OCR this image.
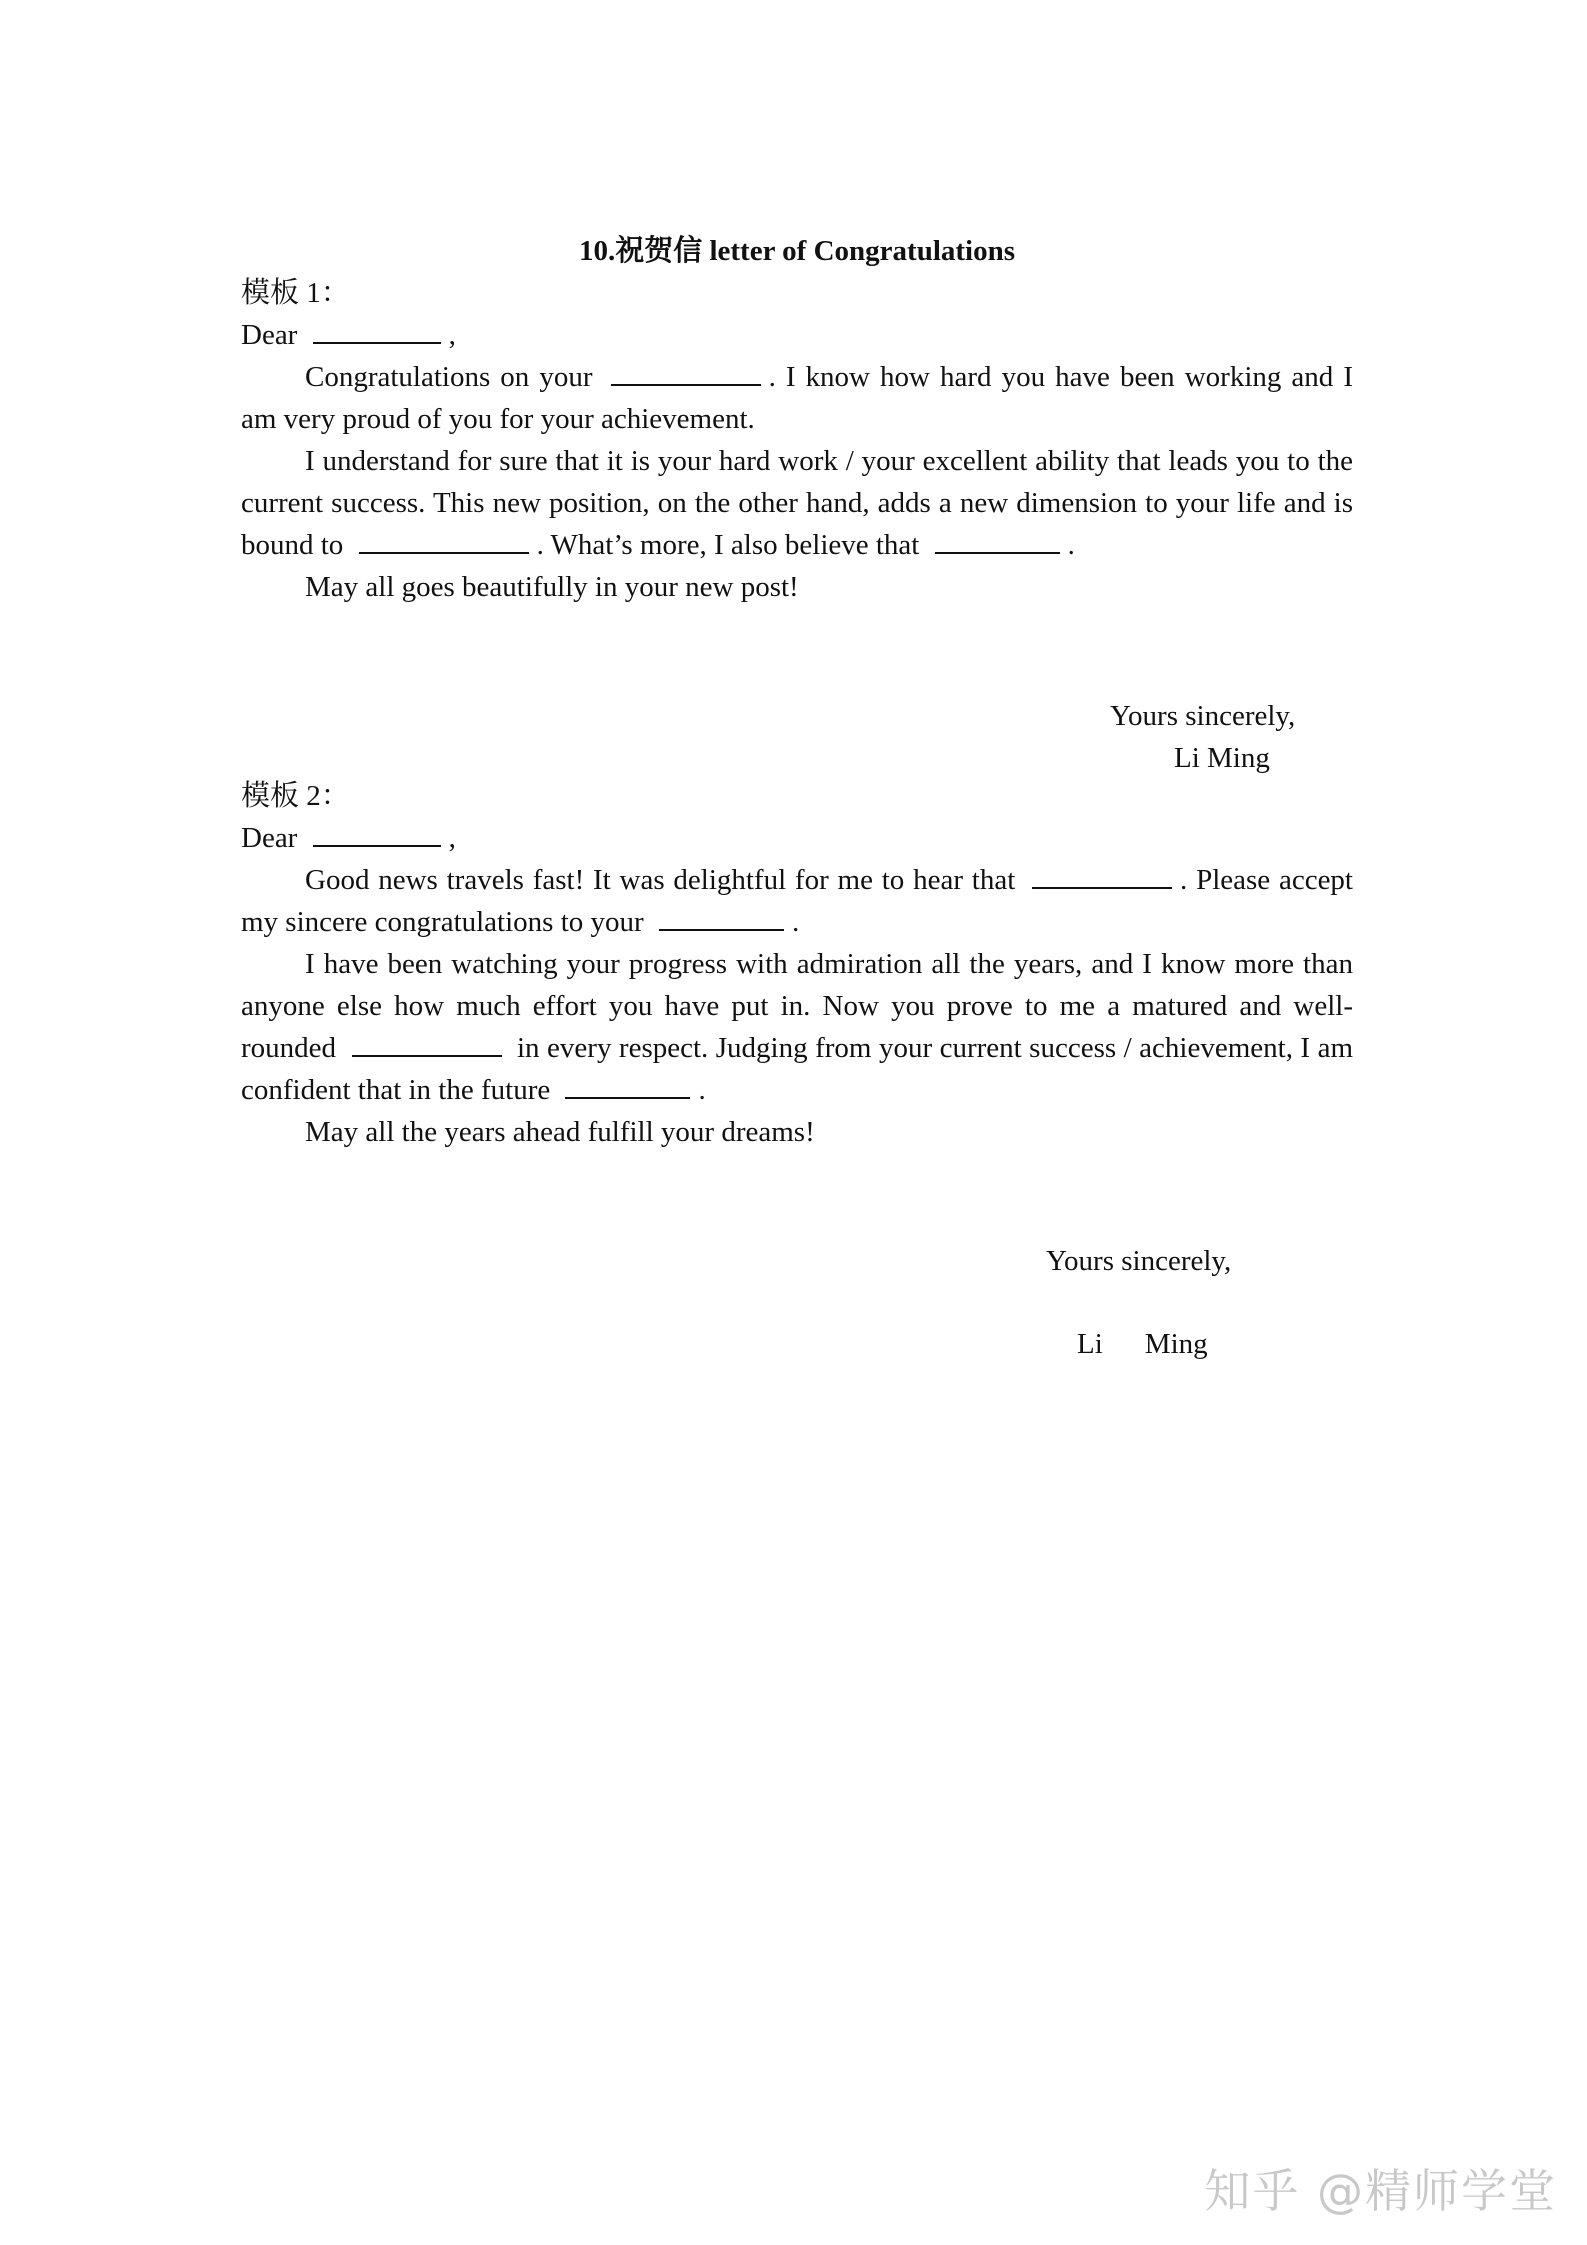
10.祝贺信 letter of Congratulations

模板 1：

Dear	,

Congratulations on your	. I know how hard you have been working and I am very proud of you for your achievement.

I understand for sure that it is your hard work / your excellent ability that leads you to the current success. This new position, on the other hand, adds a new dimension to your life and is bound to	. What’s more, I also believe that	.

May all goes beautifully in your new post!

Yours sincerely,

Li Ming

模板 2：

Dear	,

Good news travels fast! It was delightful for me to hear that	. Please accept my sincere congratulations to your	.

I have been watching your progress with admiration all the years, and I know more than anyone else how much effort you have put in. Now you prove to me a matured and well-rounded	in every respect. Judging from your current success / achievement, I am confident that in the future	.

May all the years ahead fulfill your dreams!

Yours sincerely,

Li Ming

知乎 @精师学堂
